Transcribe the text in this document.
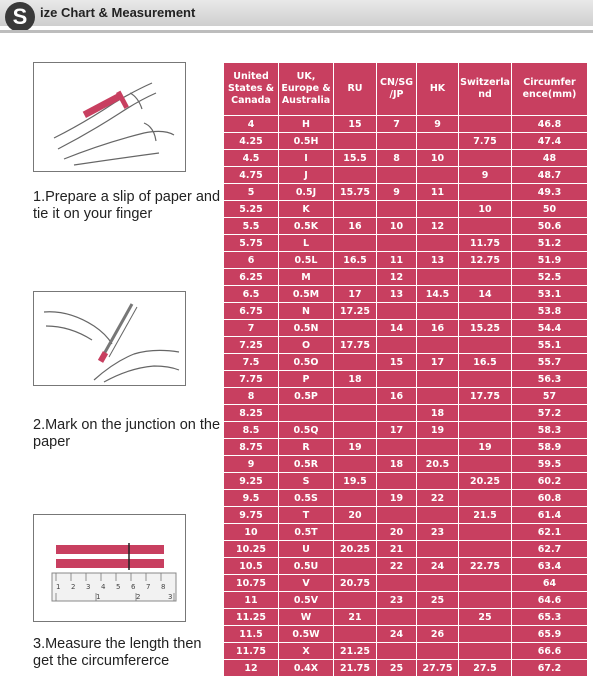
S ize Chart & Measurement
1.Prepare a slip of paper and tie it on your finger
2.Mark on the junction on the paper
1 2 3 4 5 6 7 8
1	2	3
3.Measure the length then get the circumfererce
United States & Canada	UK, Europe & Australia	RU	CN/SG /JP	HK	Switzerla nd	Circumfer ence(mm)
4	H	15	7	9		46.8
4.25	0.5H				7.75	47.4
4.5	I	15.5	8	10		48
4.75	J				9	48.7
5	0.5J	15.75	9	11		49.3
5.25	K				10	50
5.5	0.5K	16	10	12		50.6
5.75	L				11.75	51.2
6	0.5L	16.5	11	13	12.75	51.9
6.25	M		12			52.5
6.5	0.5M	17	13	14.5	14	53.1
6.75	N	17.25				53.8
7	0.5N		14	16	15.25	54.4
7.25	O	17.75				55.1
7.5	0.5O		15	17	16.5	55.7
7.75	P	18				56.3
8	0.5P		16		17.75	57
8.25				18		57.2
8.5	0.5Q		17	19		58.3
8.75	R	19			19	58.9
9	0.5R		18	20.5		59.5
9.25	S	19.5			20.25	60.2
9.5	0.5S		19	22		60.8
9.75	T	20			21.5	61.4
10	0.5T		20	23		62.1
10.25	U	20.25	21			62.7
10.5	0.5U		22	24	22.75	63.4
10.75	V	20.75				64
11	0.5V		23	25		64.6
11.25	W	21			25	65.3
11.5	0.5W		24	26		65.9
11.75	X	21.25				66.6
12	0.4X	21.75	25	27.75	27.5	67.2
